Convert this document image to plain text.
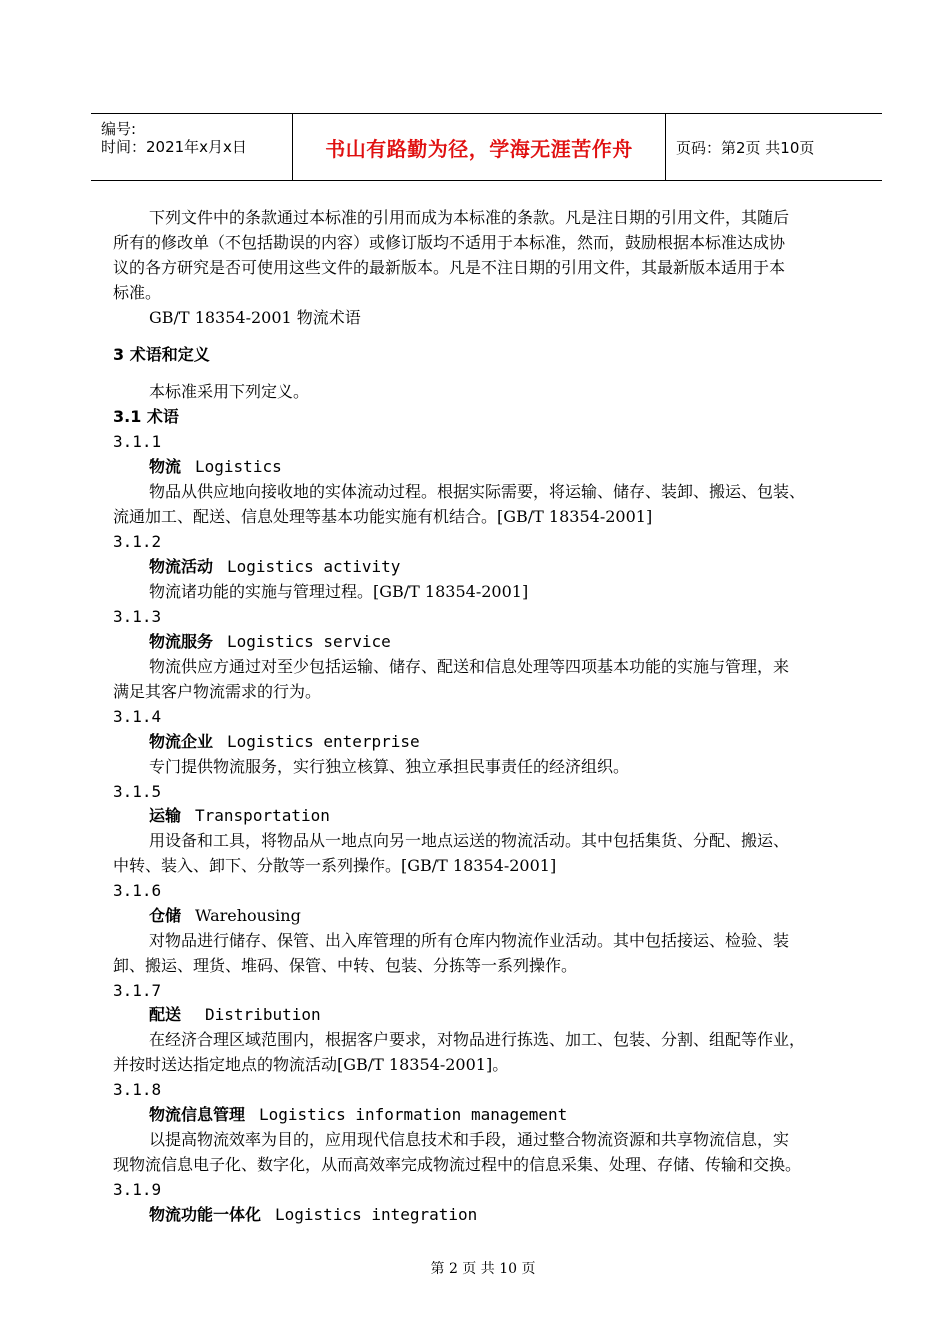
编号:
时间：2021年x月x日	书山有路勤为径，学海无涯苦作舟	页码：第2页 共10页
下列文件中的条款通过本标准的引用而成为本标准的条款。凡是注日期的引用文件，其随后
所有的修改单（不包括勘误的内容）或修订版均不适用于本标准，然而，鼓励根据本标准达成协
议的各方研究是否可使用这些文件的最新版本。凡是不注日期的引用文件，其最新版本适用于本
标准。
GB/T 18354-2001 物流术语
3 术语和定义
本标准采用下列定义。
3.1 术语
3.1.1
物流 Logistics
物品从供应地向接收地的实体流动过程。根据实际需要，将运输、储存、装卸、搬运、包装、
流通加工、配送、信息处理等基本功能实施有机结合。[GB/T 18354-2001]
3.1.2
物流活动 Logistics activity
物流诸功能的实施与管理过程。[GB/T 18354-2001]
3.1.3
物流服务 Logistics service
物流供应方通过对至少包括运输、储存、配送和信息处理等四项基本功能的实施与管理，来
满足其客户物流需求的行为。
3.1.4
物流企业 Logistics enterprise
专门提供物流服务，实行独立核算、独立承担民事责任的经济组织。
3.1.5
运输 Transportation
用设备和工具，将物品从一地点向另一地点运送的物流活动。其中包括集货、分配、搬运、
中转、装入、卸下、分散等一系列操作。[GB/T 18354-2001]
3.1.6
仓储 Warehousing
对物品进行储存、保管、出入库管理的所有仓库内物流作业活动。其中包括接运、检验、装
卸、搬运、理货、堆码、保管、中转、包装、分拣等一系列操作。
3.1.7
配送 Distribution
在经济合理区域范围内，根据客户要求，对物品进行拣选、加工、包装、分割、组配等作业，
并按时送达指定地点的物流活动[GB/T 18354-2001]。
3.1.8
物流信息管理 Logistics information management
以提高物流效率为目的，应用现代信息技术和手段，通过整合物流资源和共享物流信息，实
现物流信息电子化、数字化，从而高效率完成物流过程中的信息采集、处理、存储、传输和交换。
3.1.9
物流功能一体化 Logistics integration
第 2 页 共 10 页
